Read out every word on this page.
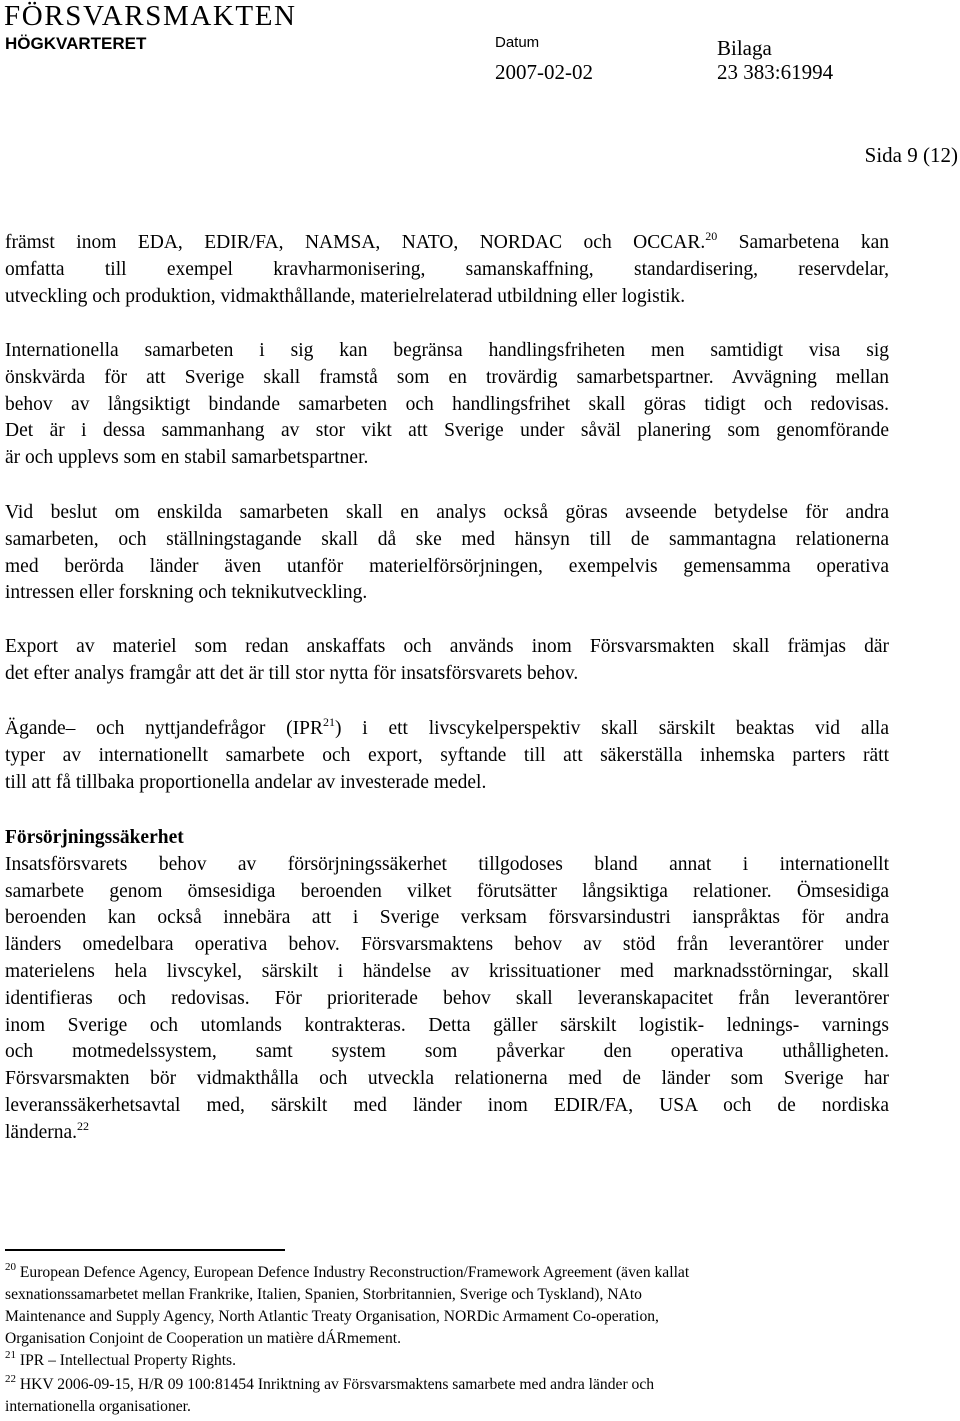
FÖRSVARSMAKTEN
HÖGKVARTERET	Datum
2007-02-02
Bilaga
23 383:61994
Sida 9 (12)
främst inom EDA, EDIR/FA, NAMSA, NATO, NORDAC och OCCAR.$^{20}$ Samarbetena kan
omfatta till exempel kravharmonisering, samanskaffning, standardisering, reservdelar,
utveckling och produktion, vidmakthållande, materielrelaterad utbildning eller logistik.
Internationella samarbeten i sig kan begränsa handlingsfriheten men samtidigt visa sig
önskvärda för att Sverige skall framstå som en trovärdig samarbetspartner. Avvägning mellan
behov av långsiktigt bindande samarbeten och handlingsfrihet skall göras tidigt och redovisas.
Det är i dessa sammanhang av stor vikt att Sverige under såväl planering som genomförande
är och upplevs som en stabil samarbetspartner.
Vid beslut om enskilda samarbeten skall en analys också göras avseende betydelse för andra
samarbeten, och ställningstagande skall då ske med hänsyn till de sammantagna relationerna
med berörda länder även utanför materielförsörjningen, exempelvis gemensamma operativa
intressen eller forskning och teknikutveckling.
Export av materiel som redan anskaffats och används inom Försvarsmakten skall främjas där
det efter analys framgår att det är till stor nytta för insatsförsvarets behov.
Ägande– och nyttjandefrågor (IPR$^{21}$) i ett livscykelperspektiv skall särskilt beaktas vid alla
typer av internationellt samarbete och export, syftande till att säkerställa inhemska parters rätt
till att få tillbaka proportionella andelar av investerade medel.
Försörjningssäkerhet
Insatsförsvarets behov av försörjningssäkerhet tillgodoses bland annat i internationellt
samarbete genom ömsesidiga beroenden vilket förutsätter långsiktiga relationer. Ömsesidiga
beroenden kan också innebära att i Sverige verksam försvarsindustri ianspråktas för andra
länders omedelbara operativa behov. Försvarsmaktens behov av stöd från leverantörer under
materielens hela livscykel, särskilt i händelse av krissituationer med marknadsstörningar, skall
identifieras och redovisas. För prioriterade behov skall leveranskapacitet från leverantörer
inom Sverige och utomlands kontrakteras. Detta gäller särskilt logistik- lednings- varnings
och motmedelssystem, samt system som påverkar den operativa uthålligheten.
Försvarsmakten bör vidmakthålla och utveckla relationerna med de länder som Sverige har
leveranssäkerhetsavtal med, särskilt med länder inom EDIR/FA, USA och de nordiska
länderna.$^{22}$
$^{20}$ European Defence Agency, European Defence Industry Reconstruction/Framework Agreement (även kallat
sexnationssamarbetet mellan Frankrike, Italien, Spanien, Storbritannien, Sverige och Tyskland), NAto
Maintenance and Supply Agency, North Atlantic Treaty Organisation, NORDic Armament Co-operation,
Organisation Conjoint de Cooperation un matière dÁRmement.
$^{21}$ IPR – Intellectual Property Rights.
$^{22}$ HKV 2006-09-15, H/R 09 100:81454 Inriktning av Försvarsmaktens samarbete med andra länder och
internationella organisationer.
